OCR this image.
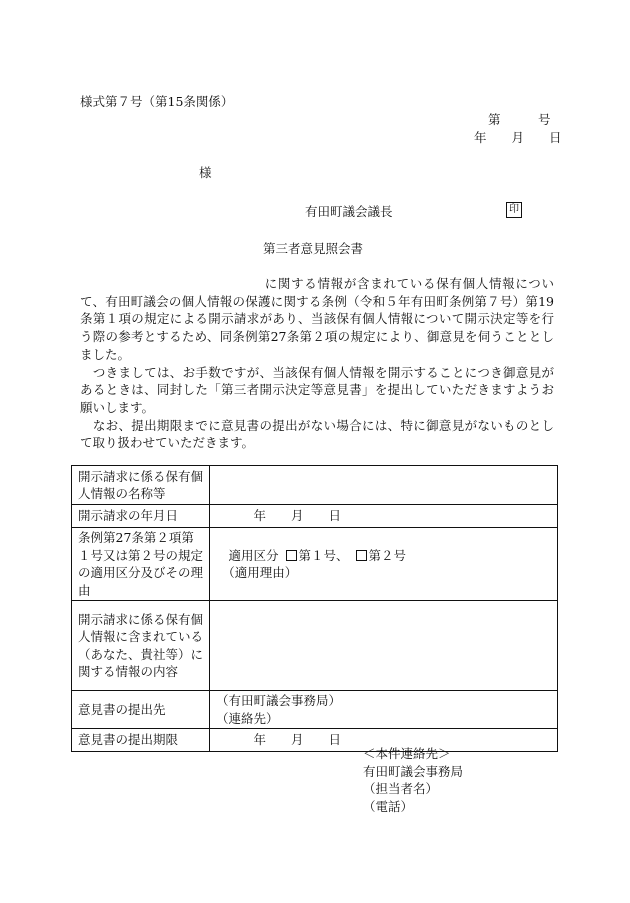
様式第７号（第15条関係）
第　　　号
年　　月　　日
様
有田町議会議長	印
第三者意見照会書

　　　　　　　　　　　　　　に関する情報が含まれている保有個人情報について、有田町議会の個人情報の保護に関する条例（令和５年有田町条例第７号）第19条第１項の規定による開示請求があり、当該保有個人情報について開示決定等を行う際の参考とするため、同条例第27条第２項の規定により、御意見を伺うこととしました。

　つきましては、お手数ですが、当該保有個人情報を開示することにつき御意見があるときは、同封した「第三者開示決定等意見書」を提出していただきますようお願いします。

　なお、提出期限までに意見書の提出がない場合には、特に御意見がないものとして取り扱わせていただきます。

開示請求に係る保有個人情報の名称等	
開示請求の年月日	　　　年　　月　　日
条例第27条第２項第１号又は第２号の規定の適用区分及びその理由	　適用区分 第１号、 第２号
　（適用理由）

開示請求に係る保有個人情報に含まれている（あなた、貴社等）に関する情報の内容	
意見書の提出先	（有田町議会事務局）
（連絡先）

意見書の提出期限	　　　年　　月　　日
＜本件連絡先＞
有田町議会事務局
（担当者名）
（電話）
